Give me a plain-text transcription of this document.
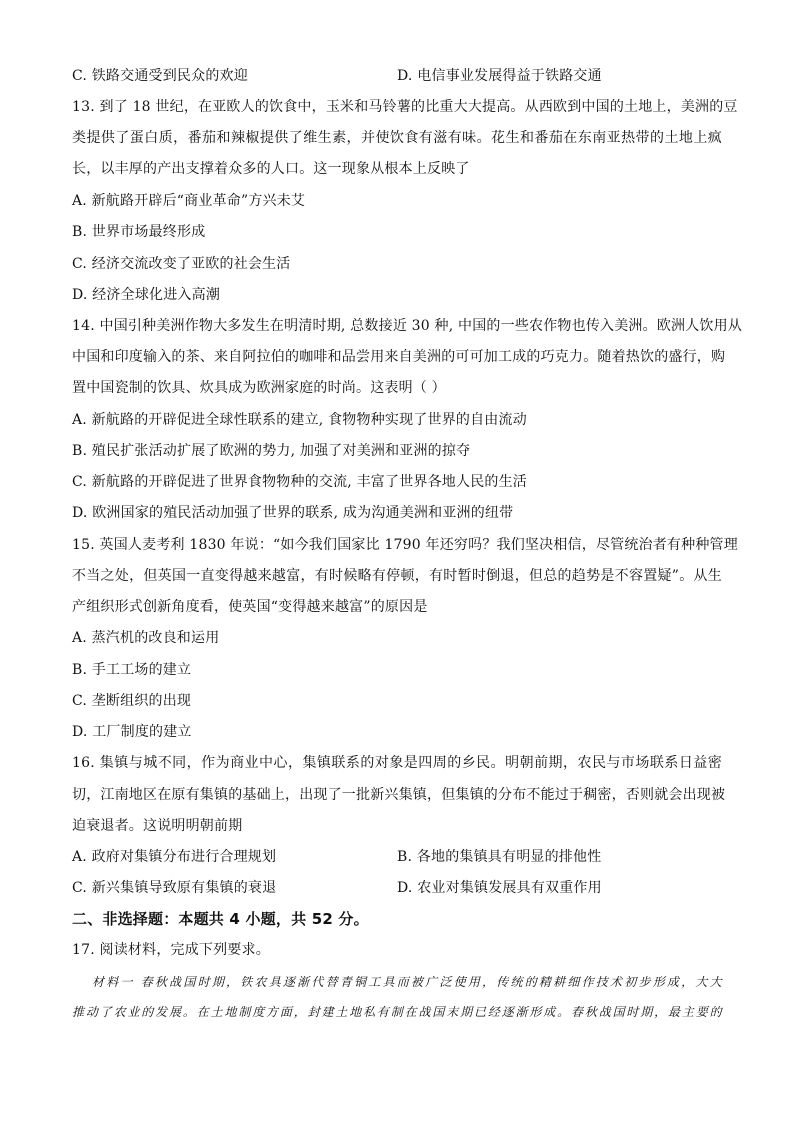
C. 铁路交通受到民众的欢迎	D. 电信事业发展得益于铁路交通
13. 到了 18 世纪，在亚欧人的饮食中，玉米和马铃薯的比重大大提高。从西欧到中国的土地上，美洲的豆
类提供了蛋白质，番茄和辣椒提供了维生素，并使饮食有滋有味。花生和番茄在东南亚热带的土地上疯
长，以丰厚的产出支撑着众多的人口。这一现象从根本上反映了
A. 新航路开辟后“商业革命”方兴未艾
B. 世界市场最终形成
C. 经济交流改变了亚欧的社会生活
D. 经济全球化进入高潮
14. 中国引种美洲作物大多发生在明清时期, 总数接近 30 种, 中国的一些农作物也传入美洲。欧洲人饮用从
中国和印度输入的茶、来自阿拉伯的咖啡和品尝用来自美洲的可可加工成的巧克力。随着热饮的盛行，购
置中国瓷制的饮具、炊具成为欧洲家庭的时尚。这表明（ ）
A. 新航路的开辟促进全球性联系的建立, 食物物种实现了世界的自由流动
B. 殖民扩张活动扩展了欧洲的势力, 加强了对美洲和亚洲的掠夺
C. 新航路的开辟促进了世界食物物种的交流, 丰富了世界各地人民的生活
D. 欧洲国家的殖民活动加强了世界的联系, 成为沟通美洲和亚洲的纽带
15. 英国人麦考利 1830 年说：“如今我们国家比 1790 年还穷吗？我们坚决相信，尽管统治者有种种管理
不当之处，但英国一直变得越来越富，有时候略有停顿，有时暂时倒退，但总的趋势是不容置疑”。从生
产组织形式创新角度看，使英国“变得越来越富”的原因是
A. 蒸汽机的改良和运用
B. 手工工场的建立
C. 垄断组织的出现
D. 工厂制度的建立
16. 集镇与城不同，作为商业中心，集镇联系的对象是四周的乡民。明朝前期，农民与市场联系日益密
切，江南地区在原有集镇的基础上，出现了一批新兴集镇，但集镇的分布不能过于稠密，否则就会出现被
迫衰退者。这说明明朝前期
A. 政府对集镇分布进行合理规划	B. 各地的集镇具有明显的排他性
C. 新兴集镇导致原有集镇的衰退	D. 农业对集镇发展具有双重作用
二、非选择题：本题共 4 小题，共 52 分。
17. 阅读材料，完成下列要求。
材料一 春秋战国时期，铁农具逐渐代替青铜工具而被广泛使用，传统的精耕细作技术初步形成，大大
推动了农业的发展。在土地制度方面，封建土地私有制在战国末期已经逐渐形成。春秋战国时期，最主要的
